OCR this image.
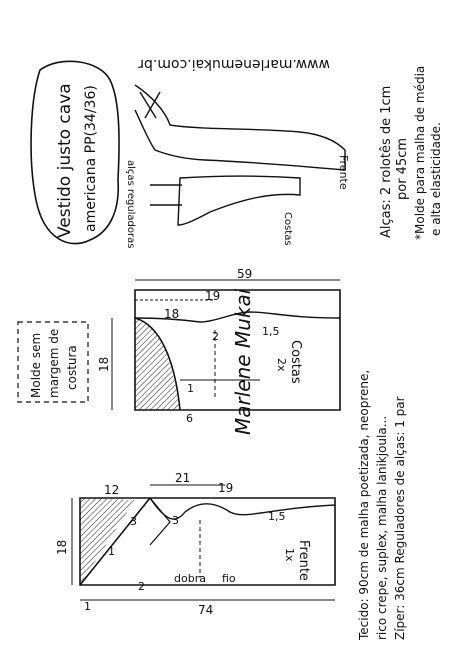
Vestido justo cava americana PP(34/36)
www.marlenemukai.com.br
Frente
Costas
alças reguladoras	Alças: 2 rolotês de 1cm por 45cm *Molde para malha de média e alta elasticidade.
Molde sem margem de costura
59
19
18
18
2	1,5
1
6
Costas
2x
Marlene Mukai
74
21
19
12
18
3	3	1,5
1
1
2
dobra fio	Frente
1x	Tecido: 90cm de malha poetizada, neoprene, rico crepe, suplex, malha lanikjoula... Zíper: 36cm Reguladores de alças: 1 par
